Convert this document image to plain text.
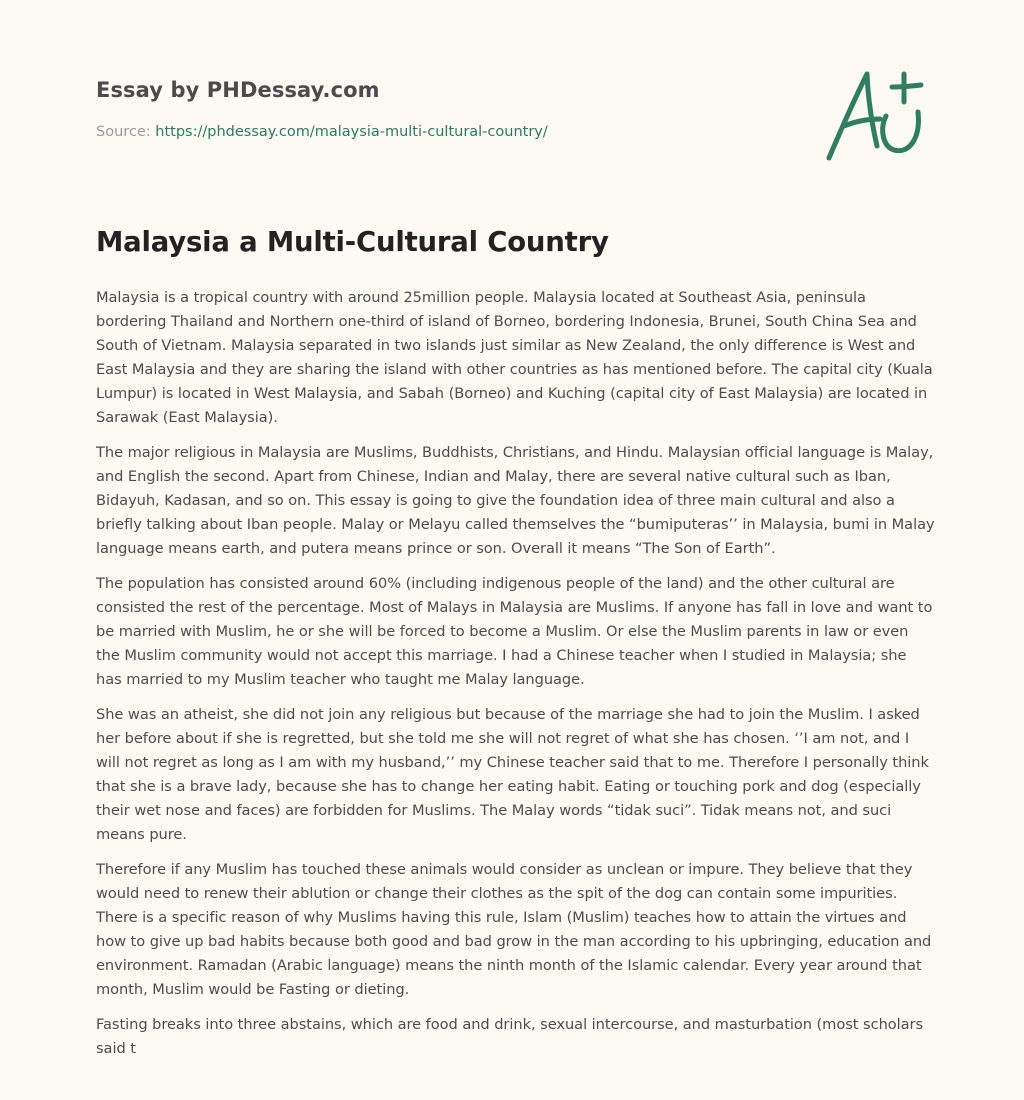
Essay by PHDessay.com
Source: https://phdessay.com/malaysia-multi-cultural-country/
Malaysia a Multi-Cultural Country

Malaysia is a tropical country with around 25million people. Malaysia located at Southeast Asia, peninsula bordering Thailand and Northern one-third of island of Borneo, bordering Indonesia, Brunei, South China Sea and South of Vietnam. Malaysia separated in two islands just similar as New Zealand, the only difference is West and East Malaysia and they are sharing the island with other countries as has mentioned before. The capital city (Kuala Lumpur) is located in West Malaysia, and Sabah (Borneo) and Kuching (capital city of East Malaysia) are located in Sarawak (East Malaysia).

The major religious in Malaysia are Muslims, Buddhists, Christians, and Hindu. Malaysian official language is Malay, and English the second. Apart from Chinese, Indian and Malay, there are several native cultural such as Iban, Bidayuh, Kadasan, and so on. This essay is going to give the foundation idea of three main cultural and also a briefly talking about Iban people. Malay or Melayu called themselves the “bumiputeras’’ in Malaysia, bumi in Malay language means earth, and putera means prince or son. Overall it means “The Son of Earth”.

The population has consisted around 60% (including indigenous people of the land) and the other cultural are consisted the rest of the percentage. Most of Malays in Malaysia are Muslims. If anyone has fall in love and want to be married with Muslim, he or she will be forced to become a Muslim. Or else the Muslim parents in law or even the Muslim community would not accept this marriage. I had a Chinese teacher when I studied in Malaysia; she has married to my Muslim teacher who taught me Malay language.

She was an atheist, she did not join any religious but because of the marriage she had to join the Muslim. I asked her before about if she is regretted, but she told me she will not regret of what she has chosen. ‘’I am not, and I will not regret as long as I am with my husband,’’ my Chinese teacher said that to me. Therefore I personally think that she is a brave lady, because she has to change her eating habit. Eating or touching pork and dog (especially their wet nose and faces) are forbidden for Muslims. The Malay words “tidak suci”. Tidak means not, and suci means pure.

Therefore if any Muslim has touched these animals would consider as unclean or impure. They believe that they would need to renew their ablution or change their clothes as the spit of the dog can contain some impurities. There is a specific reason of why Muslims having this rule, Islam (Muslim) teaches how to attain the virtues and how to give up bad habits because both good and bad grow in the man according to his upbringing, education and environment. Ramadan (Arabic language) means the ninth month of the Islamic calendar. Every year around that month, Muslim would be Fasting or dieting.

Fasting breaks into three abstains, which are food and drink, sexual intercourse, and masturbation (most scholars said t
